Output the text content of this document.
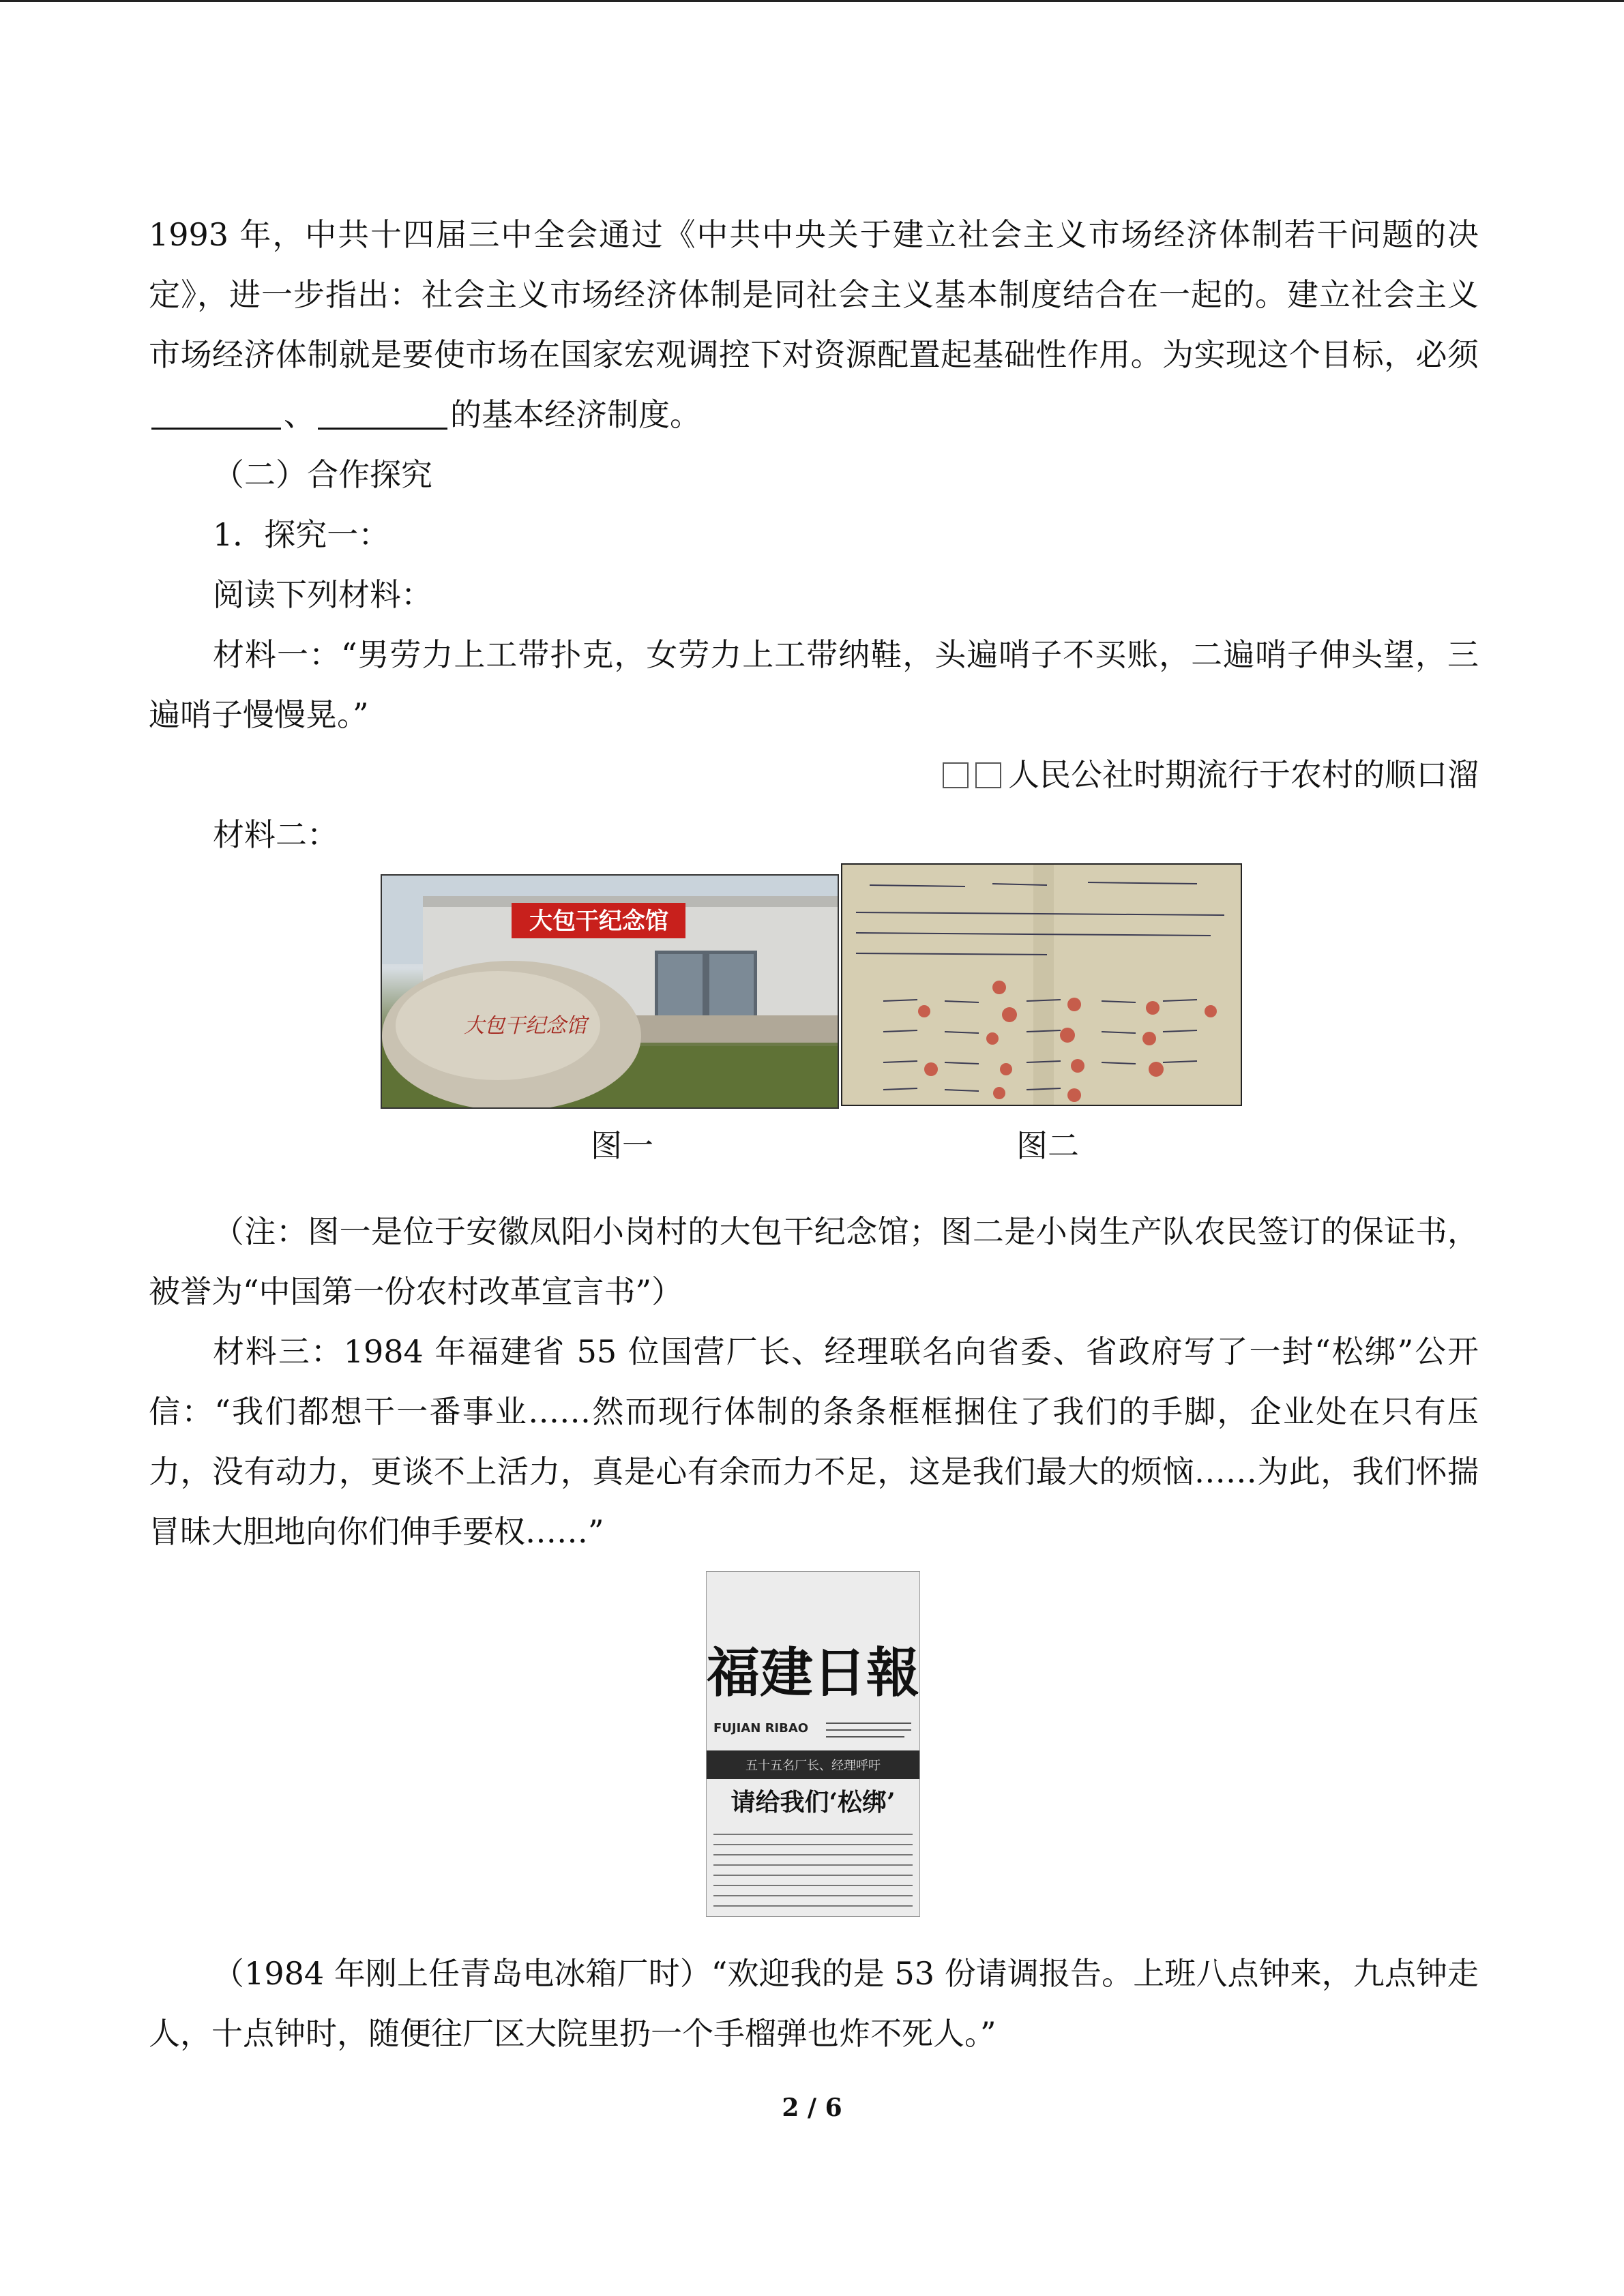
1993 年，中共十四届三中全会通过《中共中央关于建立社会主义市场经济体制若干问题的决定》，进一步指出：社会主义市场经济体制是同社会主义基本制度结合在一起的。建立社会主义市场经济体制就是要使市场在国家宏观调控下对资源配置起基础性作用。为实现这个目标，必须、	的基本经济制度。

（二）合作探究

1．探究一：

阅读下列材料：

材料一：“男劳力上工带扑克，女劳力上工带纳鞋，头遍哨子不买账，二遍哨子伸头望，三遍哨子慢慢晃。”

人民公社时期流行于农村的顺口溜

材料二：

大包干纪念馆
大包干纪念馆
图一	图二

（注：图一是位于安徽凤阳小岗村的大包干纪念馆；图二是小岗生产队农民签订的保证书，被誉为“中国第一份农村改革宣言书”）

材料三：1984 年福建省 55 位国营厂长、经理联名向省委、省政府写了一封“松绑”公开信：“我们都想干一番事业……然而现行体制的条条框框捆住了我们的手脚，企业处在只有压力，没有动力，更谈不上活力，真是心有余而力不足，这是我们最大的烦恼……为此，我们怀揣冒昧大胆地向你们伸手要权……”

福建日報
FUJIAN RIBAO
五十五名厂长、经理呼吁
请给我们‘松绑’

（1984 年刚上任青岛电冰箱厂时）“欢迎我的是 53 份请调报告。上班八点钟来，九点钟走人，十点钟时，随便往厂区大院里扔一个手榴弹也炸不死人。”

2 / 6
